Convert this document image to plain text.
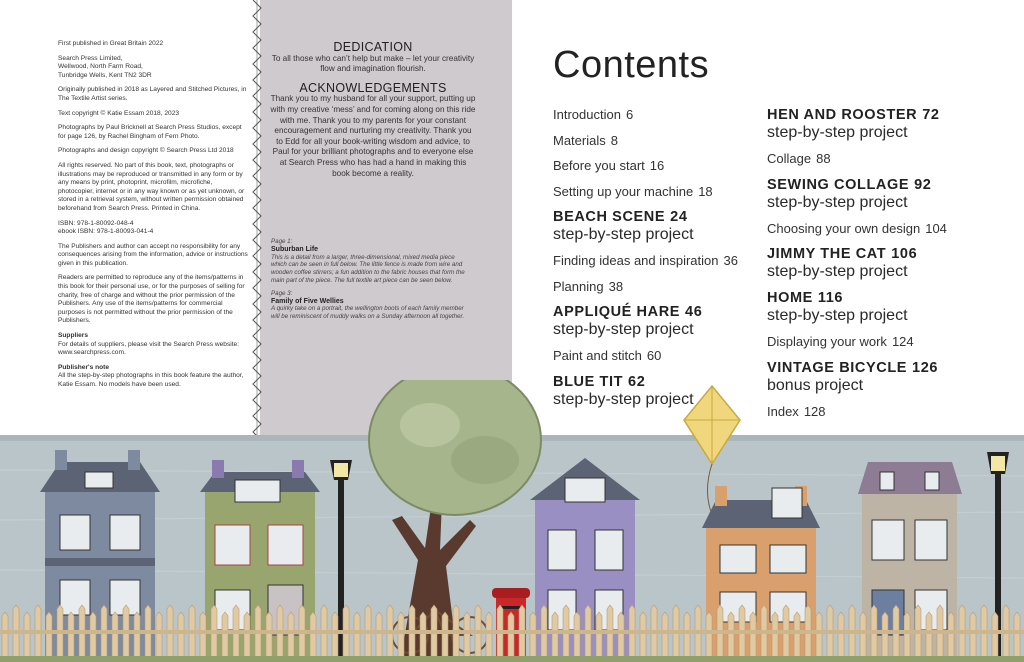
First published in Great Britain 2022

Search Press Limited,
Wellwood, North Farm Road,
Tunbridge Wells, Kent TN2 3DR

Originally published in 2018 as Layered and Stitched Pictures, in The Textile Artist series.

Text copyright © Katie Essam 2018, 2023

Photographs by Paul Bricknell at Search Press Studios, except for page 126, by Rachel Bingham of Fern Photo.

Photographs and design copyright © Search Press Ltd 2018

All rights reserved. No part of this book, text, photographs or illustrations may be reproduced or transmitted in any form or by any means by print, photoprint, microfilm, microfiche, photocopier, internet or in any way known or as yet unknown, or stored in a retrieval system, without written permission obtained beforehand from Search Press. Printed in China.

ISBN: 978-1-80092-048-4
ebook ISBN: 978-1-80093-041-4

The Publishers and author can accept no responsibility for any consequences arising from the information, advice or instructions given in this publication.

Readers are permitted to reproduce any of the items/patterns in this book for their personal use, or for the purposes of selling for charity, free of charge and without the prior permission of the Publishers. Any use of the items/patterns for commercial purposes is not permitted without the prior permission of the Publishers.

Suppliers

For details of suppliers, please visit the Search Press website: www.searchpress.com.

Publisher's note

All the step-by-step photographs in this book feature the author, Katie Essam. No models have been used.

DEDICATION

To all those who can’t help but make – let your creativity flow and imagination flourish.

ACKNOWLEDGEMENTS

Thank you to my husband for all your support, putting up with my creative ‘mess’ and for coming along on this ride with me. Thank you to my parents for your constant encouragement and nurturing my creativity. Thank you to Edd for all your book-writing wisdom and advice, to Paul for your brilliant photographs and to everyone else at Search Press who has had a hand in making this book become a reality.

Page 1:
Suburban Life
This is a detail from a larger, three-dimensional, mixed media piece which can be seen in full below. The little fence is made from wire and wooden coffee stirrers; a fun addition to the fabric houses that form the main part of the piece. The full textile art piece can be seen below.
Page 3:
Family of Five Wellies
A quirky take on a portrait, the wellington boots of each family member will be reminiscent of muddy walks on a Sunday afternoon all together.
Contents
Introduction 6
Materials 8
Before you start 16
Setting up your machine 18
BEACH SCENE 24
step-by-step project
Finding ideas and inspiration 36
Planning 38
APPLIQUÉ HARE 46
step-by-step project
Paint and stitch 60
BLUE TIT 62
step-by-step project
HEN AND ROOSTER 72
step-by-step project
Collage 88
SEWING COLLAGE 92
step-by-step project
Choosing your own design 104
JIMMY THE CAT 106
step-by-step project
HOME 116
step-by-step project
Displaying your work 124
VINTAGE BICYCLE 126
bonus project
Index 128
